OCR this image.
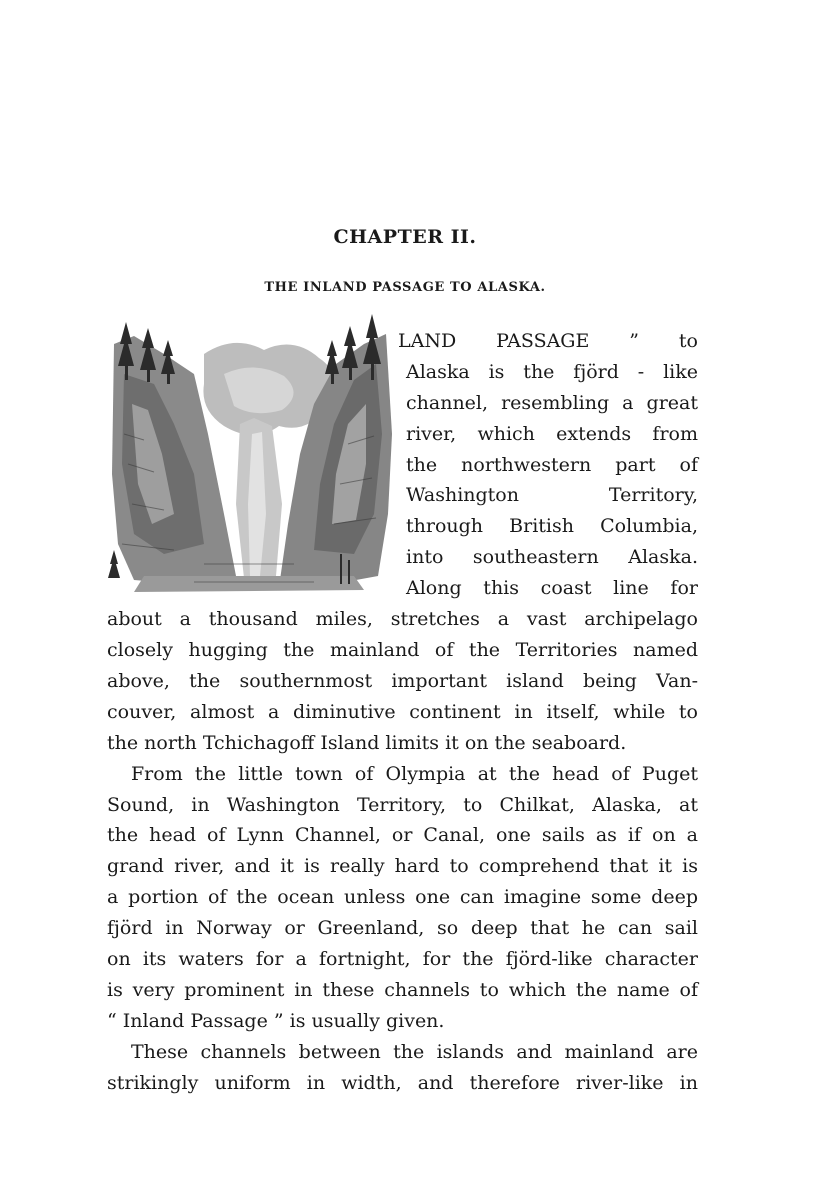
CHAPTER II.
THE INLAND PASSAGE TO ALASKA.
LAND PASSAGE ” to
Alaska is the fjörd - like
channel, resembling a great
river, which extends from
the northwestern part of
Washington Territory,
through British Columbia,
into southeastern Alaska.
Along this coast line for
about a thousand miles, stretches a vast archipelago
closely hugging the mainland of the Territories named
above, the southernmost important island being Van-
couver, almost a diminutive continent in itself, while to
the north Tchichagoff Island limits it on the seaboard.
From the little town of Olympia at the head of Puget
Sound, in Washington Territory, to Chilkat, Alaska, at
the head of Lynn Channel, or Canal, one sails as if on a
grand river, and it is really hard to comprehend that it is
a portion of the ocean unless one can imagine some deep
fjörd in Norway or Greenland, so deep that he can sail
on its waters for a fortnight, for the fjörd-like character
is very prominent in these channels to which the name of
“ Inland Passage ” is usually given.
These channels between the islands and mainland are
strikingly uniform in width, and therefore river-like in
